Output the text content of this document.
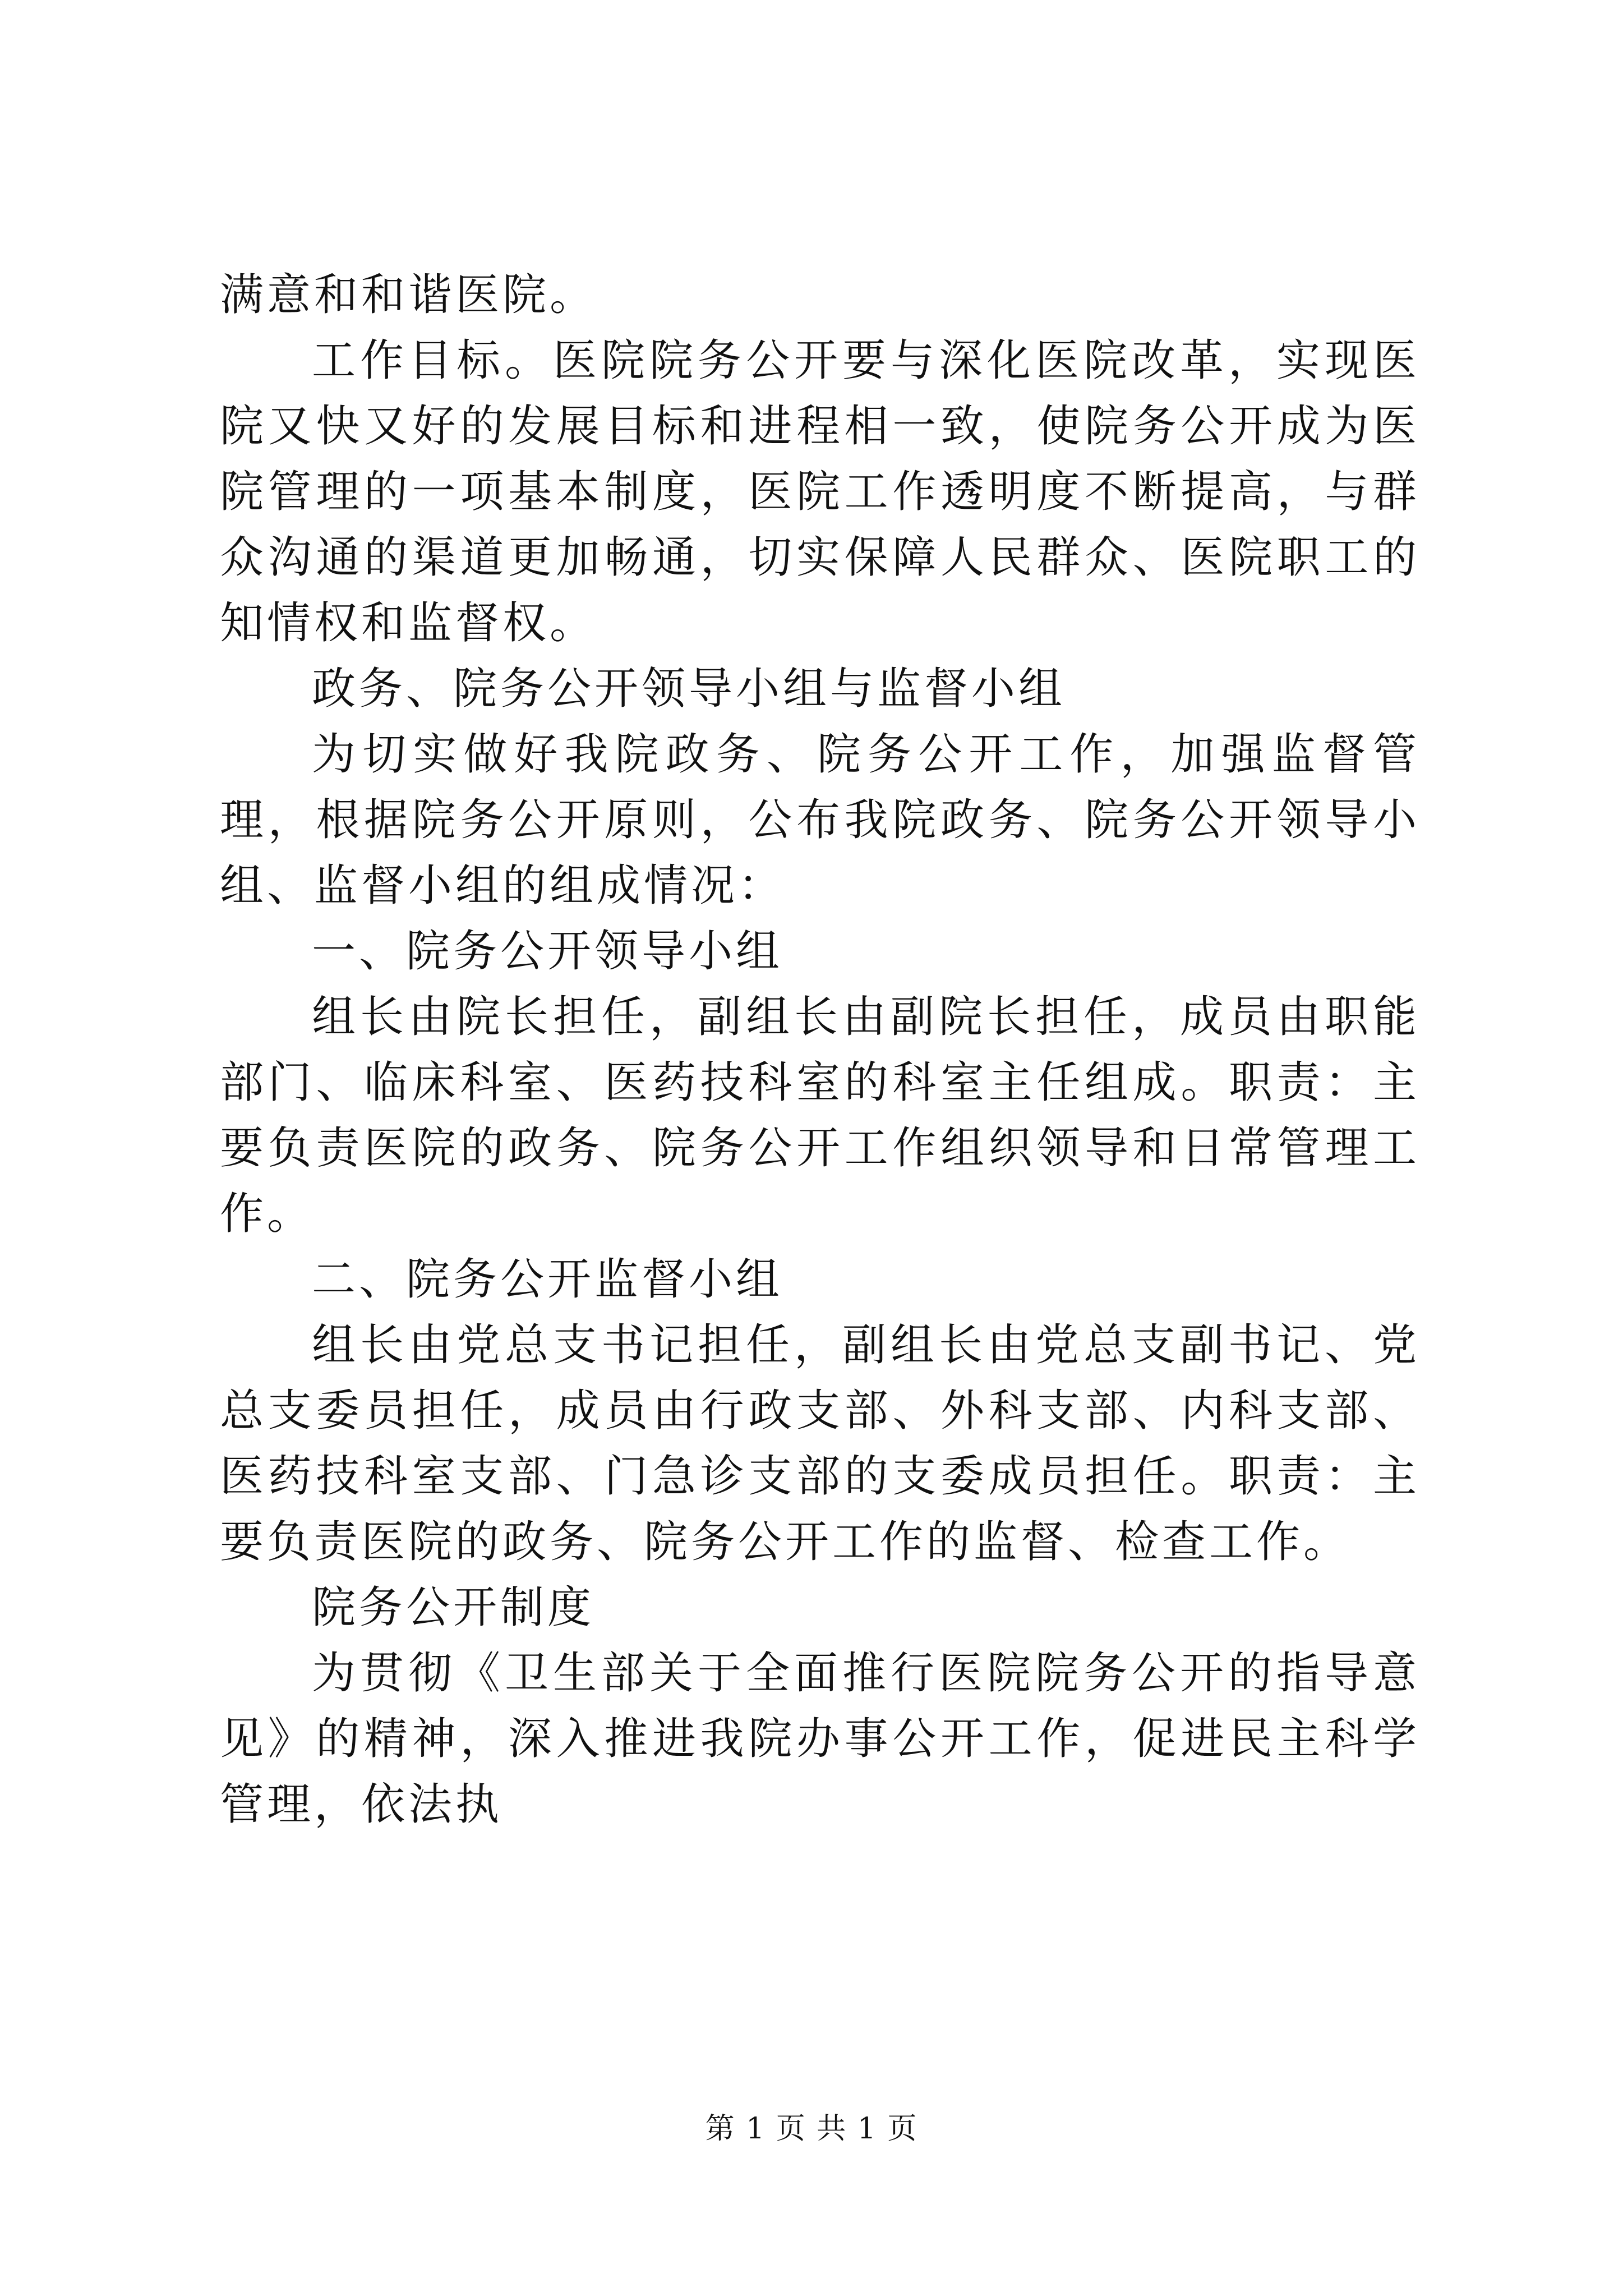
满意和和谐医院。

工作目标。医院院务公开要与深化医院改革，实现医院又快又好的发展目标和进程相一致，使院务公开成为医院管理的一项基本制度，医院工作透明度不断提高，与群众沟通的渠道更加畅通，切实保障人民群众、医院职工的知情权和监督权。

政务、院务公开领导小组与监督小组

为切实做好我院政务、院务公开工作，加强监督管理，根据院务公开原则，公布我院政务、院务公开领导小组、监督小组的组成情况：

一、院务公开领导小组

组长由院长担任，副组长由副院长担任，成员由职能部门、临床科室、医药技科室的科室主任组成。职责：主要负责医院的政务、院务公开工作组织领导和日常管理工作。

二、院务公开监督小组

组长由党总支书记担任，副组长由党总支副书记、党总支委员担任，成员由行政支部、外科支部、内科支部、医药技科室支部、门急诊支部的支委成员担任。职责：主要负责医院的政务、院务公开工作的监督、检查工作。

院务公开制度

为贯彻《卫生部关于全面推行医院院务公开的指导意见》的精神，深入推进我院办事公开工作，促进民主科学管理，依法执

第 1 页 共 1 页
